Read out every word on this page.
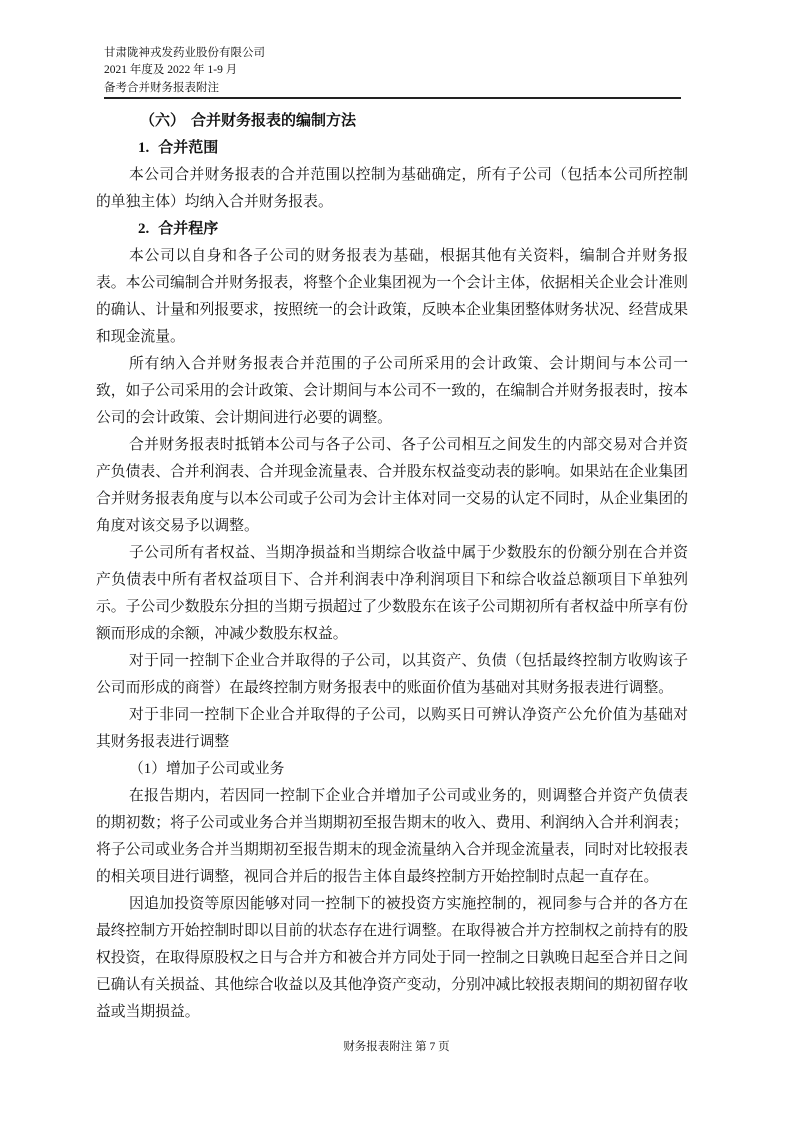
甘肃陇神戎发药业股份有限公司
2021 年度及 2022 年 1-9 月
备考合并财务报表附注
（六） 合并财务报表的编制方法
1. 合并范围

本公司合并财务报表的合并范围以控制为基础确定，所有子公司（包括本公司所控制的单独主体）均纳入合并财务报表。

2. 合并程序

本公司以自身和各子公司的财务报表为基础，根据其他有关资料，编制合并财务报表。本公司编制合并财务报表，将整个企业集团视为一个会计主体，依据相关企业会计准则的确认、计量和列报要求，按照统一的会计政策，反映本企业集团整体财务状况、经营成果和现金流量。

所有纳入合并财务报表合并范围的子公司所采用的会计政策、会计期间与本公司一致，如子公司采用的会计政策、会计期间与本公司不一致的，在编制合并财务报表时，按本公司的会计政策、会计期间进行必要的调整。

合并财务报表时抵销本公司与各子公司、各子公司相互之间发生的内部交易对合并资产负债表、合并利润表、合并现金流量表、合并股东权益变动表的影响。如果站在企业集团合并财务报表角度与以本公司或子公司为会计主体对同一交易的认定不同时，从企业集团的角度对该交易予以调整。

子公司所有者权益、当期净损益和当期综合收益中属于少数股东的份额分别在合并资产负债表中所有者权益项目下、合并利润表中净利润项目下和综合收益总额项目下单独列示。子公司少数股东分担的当期亏损超过了少数股东在该子公司期初所有者权益中所享有份额而形成的余额，冲减少数股东权益。

对于同一控制下企业合并取得的子公司，以其资产、负债（包括最终控制方收购该子公司而形成的商誉）在最终控制方财务报表中的账面价值为基础对其财务报表进行调整。

对于非同一控制下企业合并取得的子公司，以购买日可辨认净资产公允价值为基础对其财务报表进行调整

（1）增加子公司或业务

在报告期内，若因同一控制下企业合并增加子公司或业务的，则调整合并资产负债表的期初数；将子公司或业务合并当期期初至报告期末的收入、费用、利润纳入合并利润表；将子公司或业务合并当期期初至报告期末的现金流量纳入合并现金流量表，同时对比较报表的相关项目进行调整，视同合并后的报告主体自最终控制方开始控制时点起一直存在。

因追加投资等原因能够对同一控制下的被投资方实施控制的，视同参与合并的各方在最终控制方开始控制时即以目前的状态存在进行调整。在取得被合并方控制权之前持有的股权投资，在取得原股权之日与合并方和被合并方同处于同一控制之日孰晚日起至合并日之间已确认有关损益、其他综合收益以及其他净资产变动，分别冲减比较报表期间的期初留存收益或当期损益。

财务报表附注 第 7 页
